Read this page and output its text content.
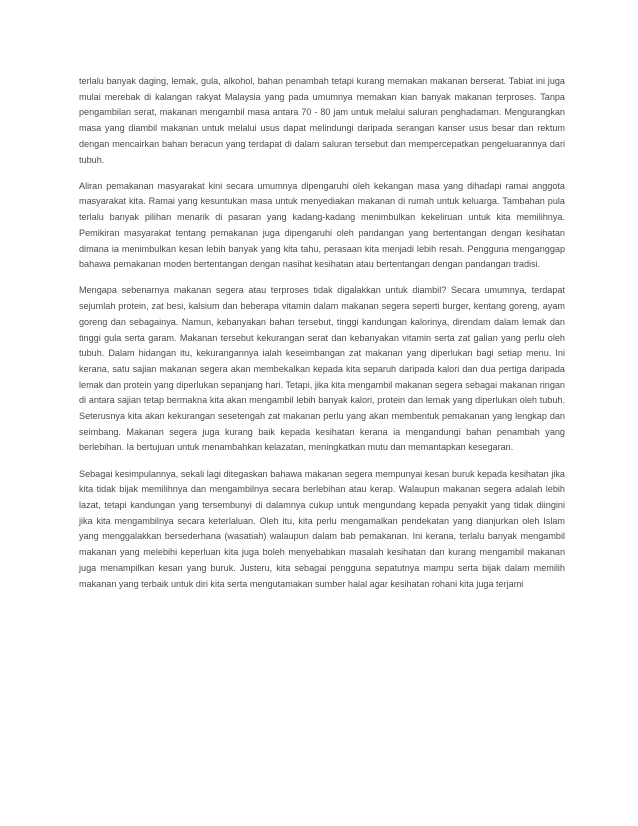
terlalu banyak daging, lemak, gula, alkohol, bahan penambah tetapi kurang memakan makanan berserat. Tabiat ini juga mulai merebak di kalangan rakyat Malaysia yang pada umumnya memakan kian banyak makanan terproses. Tanpa pengambilan serat, makanan mengambil masa antara 70 - 80 jam untuk melalui saluran penghadaman. Mengurangkan masa yang diambil makanan untuk melalui usus dapat melindungi daripada serangan kanser usus besar dan rektum dengan mencairkan bahan beracun yang terdapat di dalam saluran tersebut dan mempercepatkan pengeluarannya dari tubuh.

Aliran pemakanan masyarakat kini secara umumnya dipengaruhi oleh kekangan masa yang dihadapi ramai anggota masyarakat kita. Ramai yang kesuntukan masa untuk menyediakan makanan di rumah untuk keluarga. Tambahan pula terlalu banyak pilihan menarik di pasaran yang kadang-kadang menimbulkan kekeliruan untuk kita memilihnya. Pemikiran masyarakat tentang pemakanan juga dipengaruhi oleh pandangan yang bertentangan dengan kesihatan dimana ia menimbulkan kesan lebih banyak yang kita tahu, perasaan kita menjadi lebih resah. Pengguna menganggap bahawa pemakanan moden bertentangan dengan nasihat kesihatan atau bertentangan dengan pandangan tradisi.

Mengapa sebenarnya makanan segera atau terproses tidak digalakkan untuk diambil? Secara umumnya, terdapat sejumlah protein, zat besi, kalsium dan beberapa vitamin dalam makanan segera seperti burger, kentang goreng, ayam goreng dan sebagainya. Namun, kebanyakan bahan tersebut, tinggi kandungan kalorinya, direndam dalam lemak dan tinggi gula serta garam. Makanan tersebut kekurangan serat dan kebanyakan vitamin serta zat galian yang perlu oleh tubuh. Dalam hidangan itu, kekurangannya ialah keseimbangan zat makanan yang diperlukan bagi setiap menu. Ini kerana, satu sajian makanan segera akan membekalkan kepada kita separuh daripada kalori dan dua pertiga daripada lemak dan protein yang diperlukan sepanjang hari. Tetapi, jika kita mengambil makanan segera sebagai makanan ringan di antara sajian tetap bermakna kita akan mengambil lebih banyak kalori, protein dan lemak yang diperlukan oleh tubuh. Seterusnya kita akan kekurangan sesetengah zat makanan perlu yang akan membentuk pemakanan yang lengkap dan seimbang. Makanan segera juga kurang baik kepada kesihatan kerana ia mengandungi bahan penambah yang berlebihan. Ia bertujuan untuk menambahkan kelazatan, meningkatkan mutu dan memantapkan kesegaran.

Sebagai kesimpulannya, sekali lagi ditegaskan bahawa makanan segera mempunyai kesan buruk kepada kesihatan jika kita tidak bijak memilihnya dan mengambilnya secara berlebihan atau kerap. Walaupun makanan segera adalah lebih lazat, tetapi kandungan yang tersembunyi di dalamnya cukup untuk mengundang kepada penyakit yang tidak diingini jika kita mengambilnya secara keterlaluan. Oleh itu, kita perlu mengamalkan pendekatan yang dianjurkan oleh Islam yang menggalakkan bersederhana (wasatiah) walaupun dalam bab pemakanan. Ini kerana, terlalu banyak mengambil makanan yang melebihi keperluan kita juga boleh menyebabkan masalah kesihatan dan kurang mengambil makanan juga menampilkan kesan yang buruk. Justeru, kita sebagai pengguna sepatutnya mampu serta bijak dalam memilih makanan yang terbaik untuk diri kita serta mengutamakan sumber halal agar kesihatan rohani kita juga terjami
